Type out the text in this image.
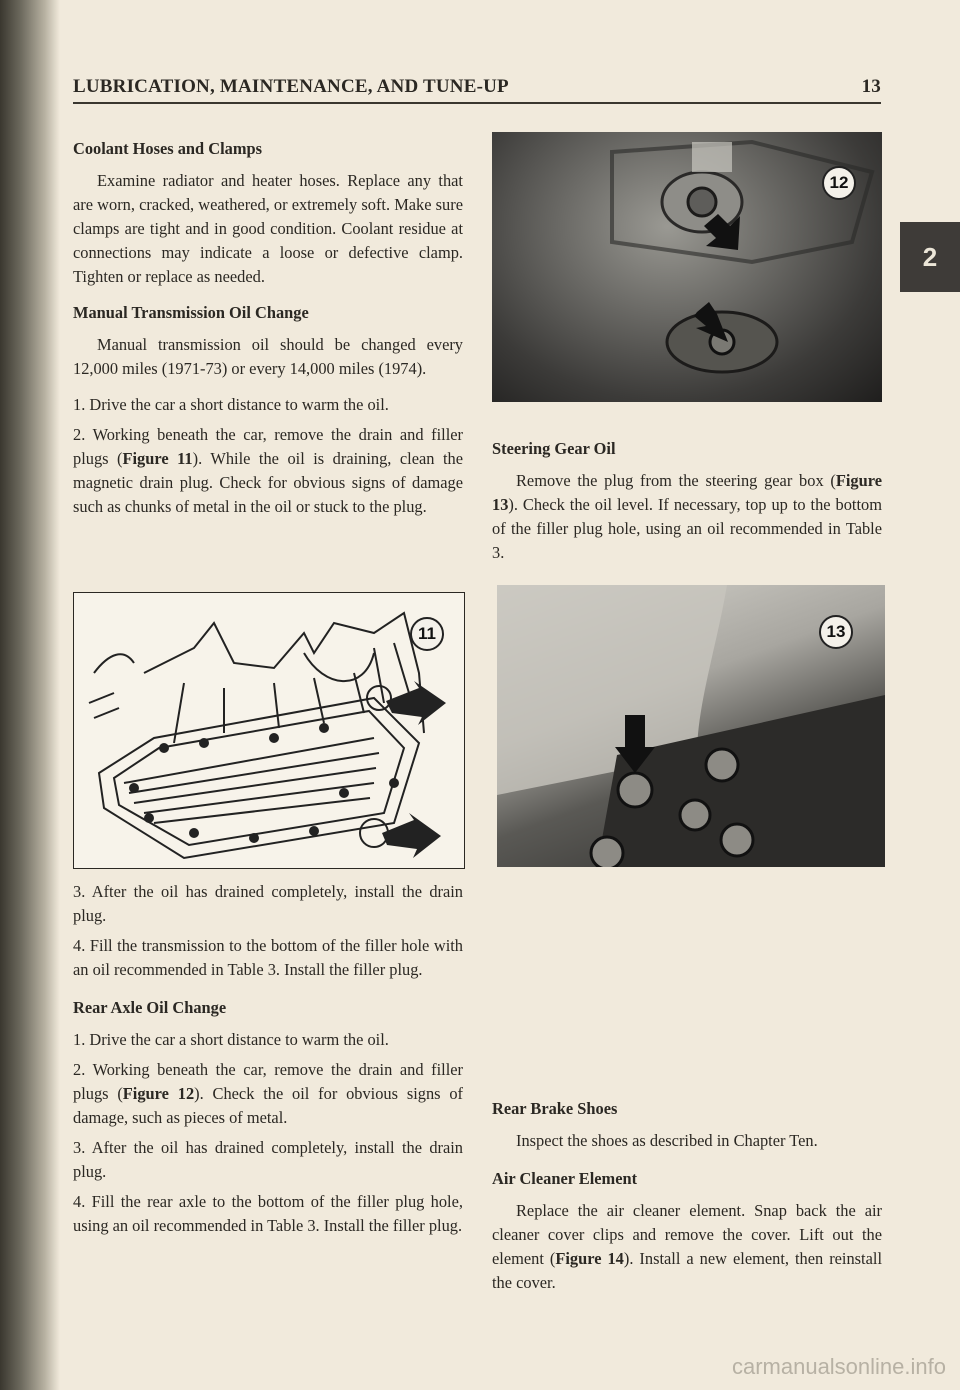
LUBRICATION, MAINTENANCE, AND TUNE-UP	13
2
Coolant Hoses and Clamps

Examine radiator and heater hoses. Replace any that are worn, cracked, weathered, or extremely soft. Make sure clamps are tight and in good condition. Coolant residue at connections may indicate a loose or defective clamp. Tighten or replace as needed.

Manual Transmission Oil Change

Manual transmission oil should be changed every 12,000 miles (1971-73) or every 14,000 miles (1974).

1. Drive the car a short distance to warm the oil.

2. Working beneath the car, remove the drain and filler plugs (Figure 11). While the oil is draining, clean the magnetic drain plug. Check for obvious signs of damage such as chunks of metal in the oil or stuck to the plug.

11

3. After the oil has drained completely, install the drain plug.

4. Fill the transmission to the bottom of the filler hole with an oil recommended in Table 3. Install the filler plug.

Rear Axle Oil Change

1. Drive the car a short distance to warm the oil.

2. Working beneath the car, remove the drain and filler plugs (Figure 12). Check the oil for obvious signs of damage, such as pieces of metal.

3. After the oil has drained completely, install the drain plug.

4. Fill the rear axle to the bottom of the filler plug hole, using an oil recommended in Table 3. Install the filler plug.

12
Steering Gear Oil

Remove the plug from the steering gear box (Figure 13). Check the oil level. If necessary, top up to the bottom of the filler plug hole, using an oil recommended in Table 3.

13
Rear Brake Shoes

Inspect the shoes as described in Chapter Ten.

Air Cleaner Element

Replace the air cleaner element. Snap back the air cleaner cover clips and remove the cover. Lift out the element (Figure 14). Install a new element, then reinstall the cover.

carmanualsonline.info
